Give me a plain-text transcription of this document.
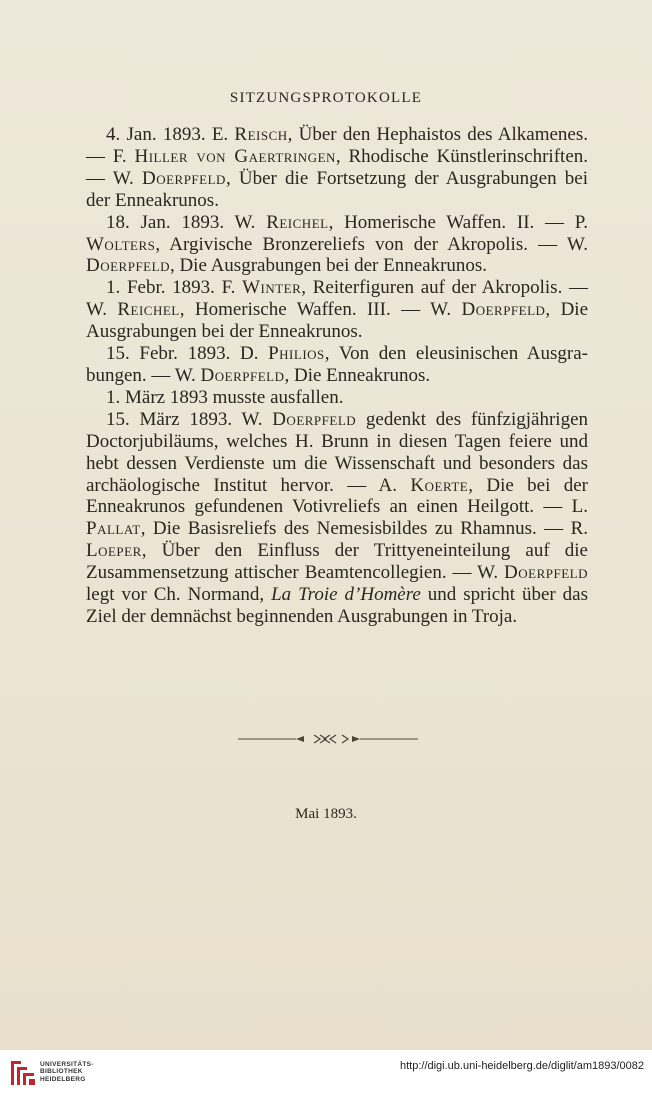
SITZUNGSPROTOKOLLE

4. Jan. 1893. E. Reisch, Über den Hephaistos des Alkamenes. — F. Hiller von Gaertringen, Rhodische Künstlerinschriften. — W. Doerpfeld, Über die Fortsetzung der Ausgrabungen bei der Enneakrunos.

18. Jan. 1893. W. Reichel, Homerische Waffen. II. — P. Wolters, Argivische Bronzereliefs von der Akropolis. — W. Doerpfeld, Die Ausgrabungen bei der Enneakrunos.

1. Febr. 1893. F. Winter, Reiterfiguren auf der Akropolis. — W. Reichel, Homerische Waffen. III. — W. Doerpfeld, Die Ausgrabungen bei der Enneakrunos.

15. Febr. 1893. D. Philios, Von den eleusinischen Ausgrabungen. — W. Doerpfeld, Die Enneakrunos.

1. März 1893 musste ausfallen.

15. März 1893. W. Doerpfeld gedenkt des fünfzigjährigen Doctorjubiläums, welches H. Brunn in diesen Tagen feiere und hebt dessen Verdienste um die Wissenschaft und besonders das archäologische Institut hervor. — A. Koerte, Die bei der Enneakrunos gefundenen Votivreliefs an einen Heilgott. — L. Pallat, Die Basisreliefs des Nemesisbildes zu Rhamnus. — R. Loeper, Über den Einfluss der Trittyeneinteilung auf die Zusammensetzung attischer Beamtencollegien. — W. Doerpfeld legt vor Ch. Normand, La Troie d’Homère und spricht über das Ziel der demnächst beginnenden Ausgrabungen in Troja.

Mai 1893.
UNIVERSITÄTS-
BIBLIOTHEK
HEIDELBERG
http://digi.ub.uni-heidelberg.de/diglit/am1893/0082
